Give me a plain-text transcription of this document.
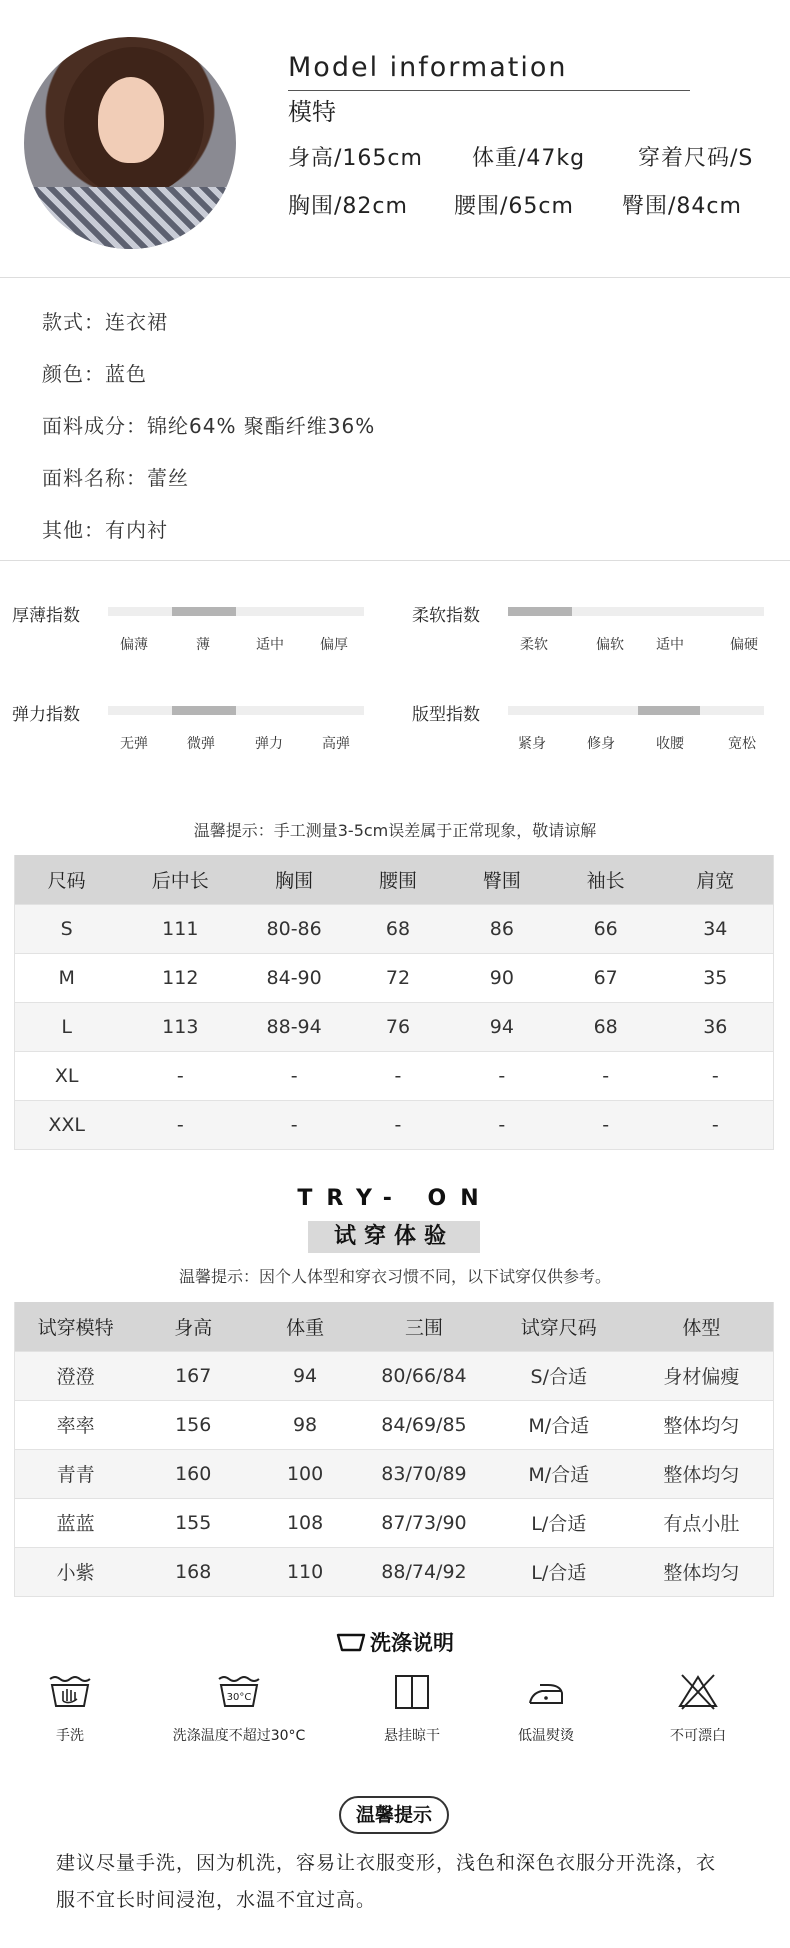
Model information
模特
身高/165cm 体重/47kg 穿着尺码/S
胸围/82cm 腰围/65cm 臀围/84cm
款式：连衣裙
颜色：蓝色
面料成分：锦纶64% 聚酯纤维36%
面料名称：蕾丝
其他：有内衬
厚薄指数
偏薄	薄	适中	偏厚
柔软指数
柔软	偏软 适中	偏硬
弹力指数
无弹	微弹	弹力	高弹
版型指数
紧身	修身	收腰	宽松
温馨提示：手工测量3-5cm误差属于正常现象，敬请谅解
尺码	后中长	胸围	腰围	臀围	袖长	肩宽
S	111	80-86	68	86	66	34
M	112	84-90	72	90	67	35
L	113	88-94	76	94	68	36
XL	-	-	-	-	-	-
XXL	-	-	-	-	-	-
TRY- ON
试穿体验
温馨提示：因个人体型和穿衣习惯不同，以下试穿仅供参考。
试穿模特	身高	体重	三围	试穿尺码	体型
澄澄	167	94	80/66/84	S/合适	身材偏瘦
率率	156	98	84/69/85	M/合适	整体均匀
青青	160	100	83/70/89	M/合适	整体均匀
蓝蓝	155	108	87/73/90	L/合适	有点小肚
小紫	168	110	88/74/92	L/合适	整体均匀
洗涤说明
手洗
30°C
洗涤温度不超过30°C	悬挂晾干	低温熨烫	不可漂白
温馨提示
建议尽量手洗，因为机洗，容易让衣服变形，浅色和深色衣服分开洗涤，衣
服不宜长时间浸泡，水温不宜过高。
